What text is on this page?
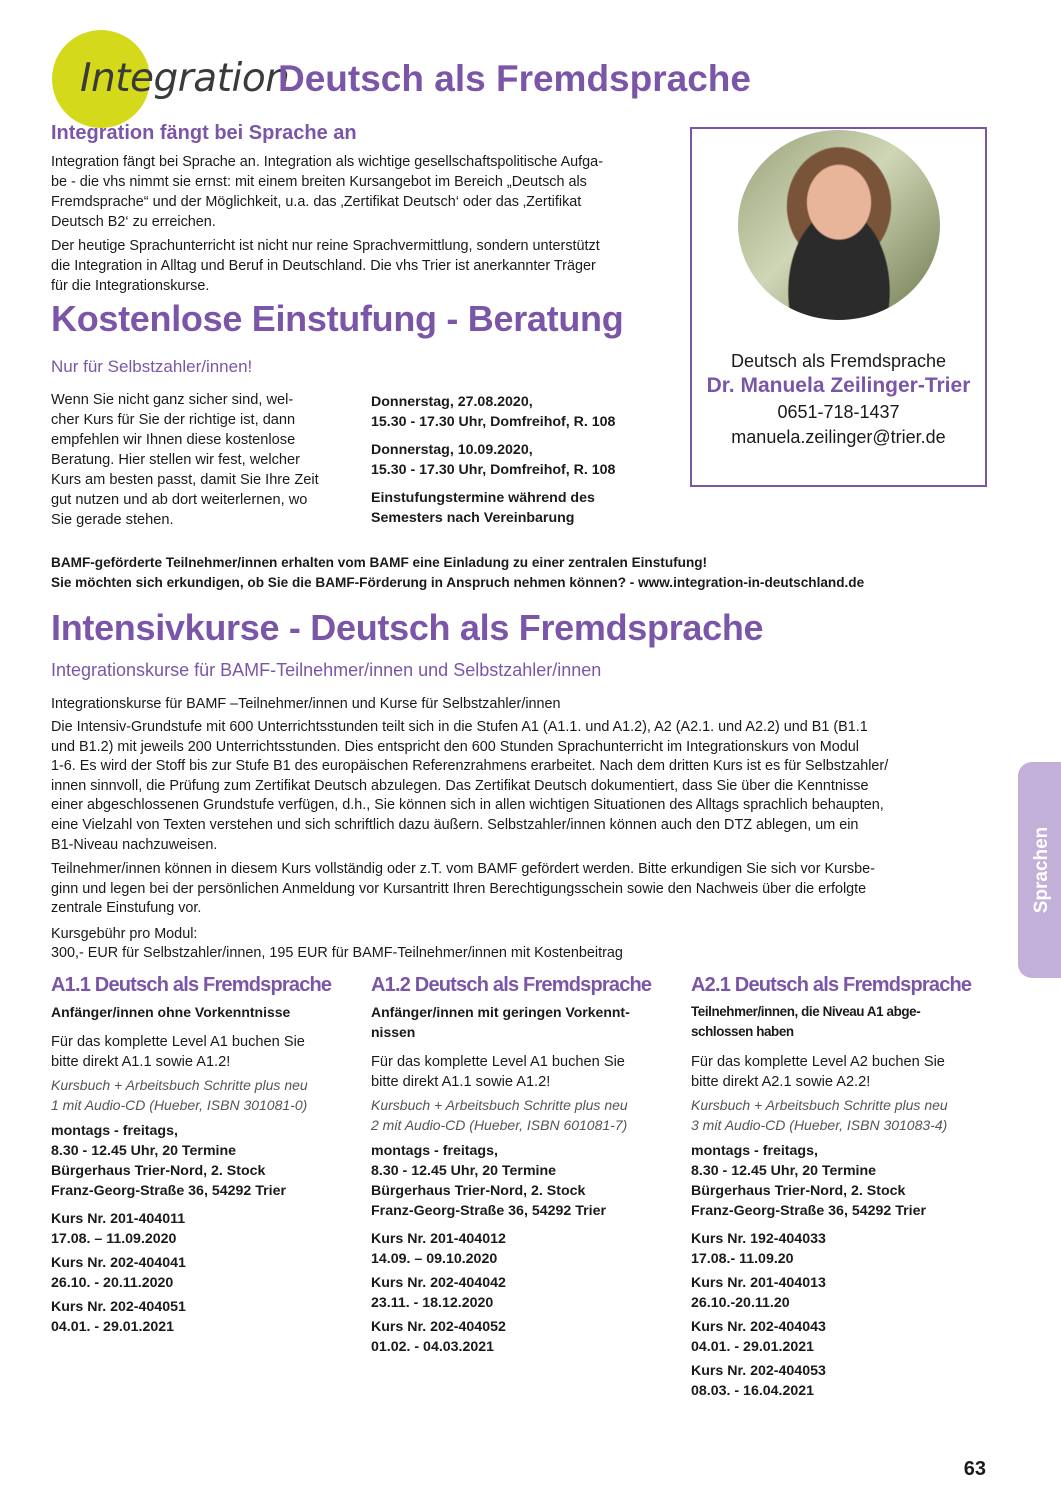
Integration
Deutsch als Fremdsprache
Integration fängt bei Sprache an
Integration fängt bei Sprache an. Integration als wichtige gesellschaftspolitische Aufga-
be - die vhs nimmt sie ernst: mit einem breiten Kursangebot im Bereich „Deutsch als
Fremdsprache“ und der Möglichkeit, u.a. das ‚Zertifikat Deutsch‘ oder das ‚Zertifikat
Deutsch B2‘ zu erreichen.
Der heutige Sprachunterricht ist nicht nur reine Sprachvermittlung, sondern unterstützt
die Integration in Alltag und Beruf in Deutschland. Die vhs Trier ist anerkannter Träger
für die Integrationskurse.
Deutsch als Fremdsprache
Dr. Manuela Zeilinger-Trier
0651-718-1437
manuela.zeilinger@trier.de
Kostenlose Einstufung - Beratung
Nur für Selbstzahler/innen!
Wenn Sie nicht ganz sicher sind, wel-
cher Kurs für Sie der richtige ist, dann
empfehlen wir Ihnen diese kostenlose
Beratung. Hier stellen wir fest, welcher
Kurs am besten passt, damit Sie Ihre Zeit
gut nutzen und ab dort weiterlernen, wo
Sie gerade stehen.
Donnerstag, 27.08.2020,
15.30 - 17.30 Uhr, Domfreihof, R. 108
Donnerstag, 10.09.2020,
15.30 - 17.30 Uhr, Domfreihof, R. 108
Einstufungstermine während des
Semesters nach Vereinbarung
BAMF-geförderte Teilnehmer/innen erhalten vom BAMF eine Einladung zu einer zentralen Einstufung!
Sie möchten sich erkundigen, ob Sie die BAMF-Förderung in Anspruch nehmen können? - www.integration-in-deutschland.de
Intensivkurse - Deutsch als Fremdsprache
Integrationskurse für BAMF-Teilnehmer/innen und Selbstzahler/innen
Integrationskurse für BAMF –Teilnehmer/innen und Kurse für Selbstzahler/innen
Die Intensiv-Grundstufe mit 600 Unterrichtsstunden teilt sich in die Stufen A1 (A1.1. und A1.2), A2 (A2.1. und A2.2) und B1 (B1.1
und B1.2) mit jeweils 200 Unterrichtsstunden. Dies entspricht den 600 Stunden Sprachunterricht im Integrationskurs von Modul
1-6. Es wird der Stoff bis zur Stufe B1 des europäischen Referenzrahmens erarbeitet. Nach dem dritten Kurs ist es für Selbstzahler/
innen sinnvoll, die Prüfung zum Zertifikat Deutsch abzulegen. Das Zertifikat Deutsch dokumentiert, dass Sie über die Kenntnisse
einer abgeschlossenen Grundstufe verfügen, d.h., Sie können sich in allen wichtigen Situationen des Alltags sprachlich behaupten,
eine Vielzahl von Texten verstehen und sich schriftlich dazu äußern. Selbstzahler/innen können auch den DTZ ablegen, um ein
B1-Niveau nachzuweisen.
Teilnehmer/innen können in diesem Kurs vollständig oder z.T. vom BAMF gefördert werden. Bitte erkundigen Sie sich vor Kursbe-
ginn und legen bei der persönlichen Anmeldung vor Kursantritt Ihren Berechtigungsschein sowie den Nachweis über die erfolgte
zentrale Einstufung vor.
Kursgebühr pro Modul:
300,- EUR für Selbstzahler/innen, 195 EUR für BAMF-Teilnehmer/innen mit Kostenbeitrag
Sprachen
A1.1 Deutsch als Fremdsprache
Anfänger/innen ohne Vorkenntnisse
Für das komplette Level A1 buchen Sie
bitte direkt A1.1 sowie A1.2!
Kursbuch + Arbeitsbuch Schritte plus neu
1 mit Audio-CD (Hueber, ISBN 301081-0)
montags - freitags,
8.30 - 12.45 Uhr, 20 Termine
Bürgerhaus Trier-Nord, 2. Stock
Franz-Georg-Straße 36, 54292 Trier
Kurs Nr. 201-404011
17.08. – 11.09.2020
Kurs Nr. 202-404041
26.10. - 20.11.2020
Kurs Nr. 202-404051
04.01. - 29.01.2021
A1.2 Deutsch als Fremdsprache
Anfänger/innen mit geringen Vorkennt-
nissen
Für das komplette Level A1 buchen Sie
bitte direkt A1.1 sowie A1.2!
Kursbuch + Arbeitsbuch Schritte plus neu
2 mit Audio-CD (Hueber, ISBN 601081-7)
montags - freitags,
8.30 - 12.45 Uhr, 20 Termine
Bürgerhaus Trier-Nord, 2. Stock
Franz-Georg-Straße 36, 54292 Trier
Kurs Nr. 201-404012
14.09. – 09.10.2020
Kurs Nr. 202-404042
23.11. - 18.12.2020
Kurs Nr. 202-404052
01.02. - 04.03.2021
A2.1 Deutsch als Fremdsprache
Teilnehmer/innen, die Niveau A1 abge-
schlossen haben
Für das komplette Level A2 buchen Sie
bitte direkt A2.1 sowie A2.2!
Kursbuch + Arbeitsbuch Schritte plus neu
3 mit Audio-CD (Hueber, ISBN 301083-4)
montags - freitags,
8.30 - 12.45 Uhr, 20 Termine
Bürgerhaus Trier-Nord, 2. Stock
Franz-Georg-Straße 36, 54292 Trier
Kurs Nr. 192-404033
17.08.- 11.09.20
Kurs Nr. 201-404013
26.10.-20.11.20
Kurs Nr. 202-404043
04.01. - 29.01.2021
Kurs Nr. 202-404053
08.03. - 16.04.2021
63
